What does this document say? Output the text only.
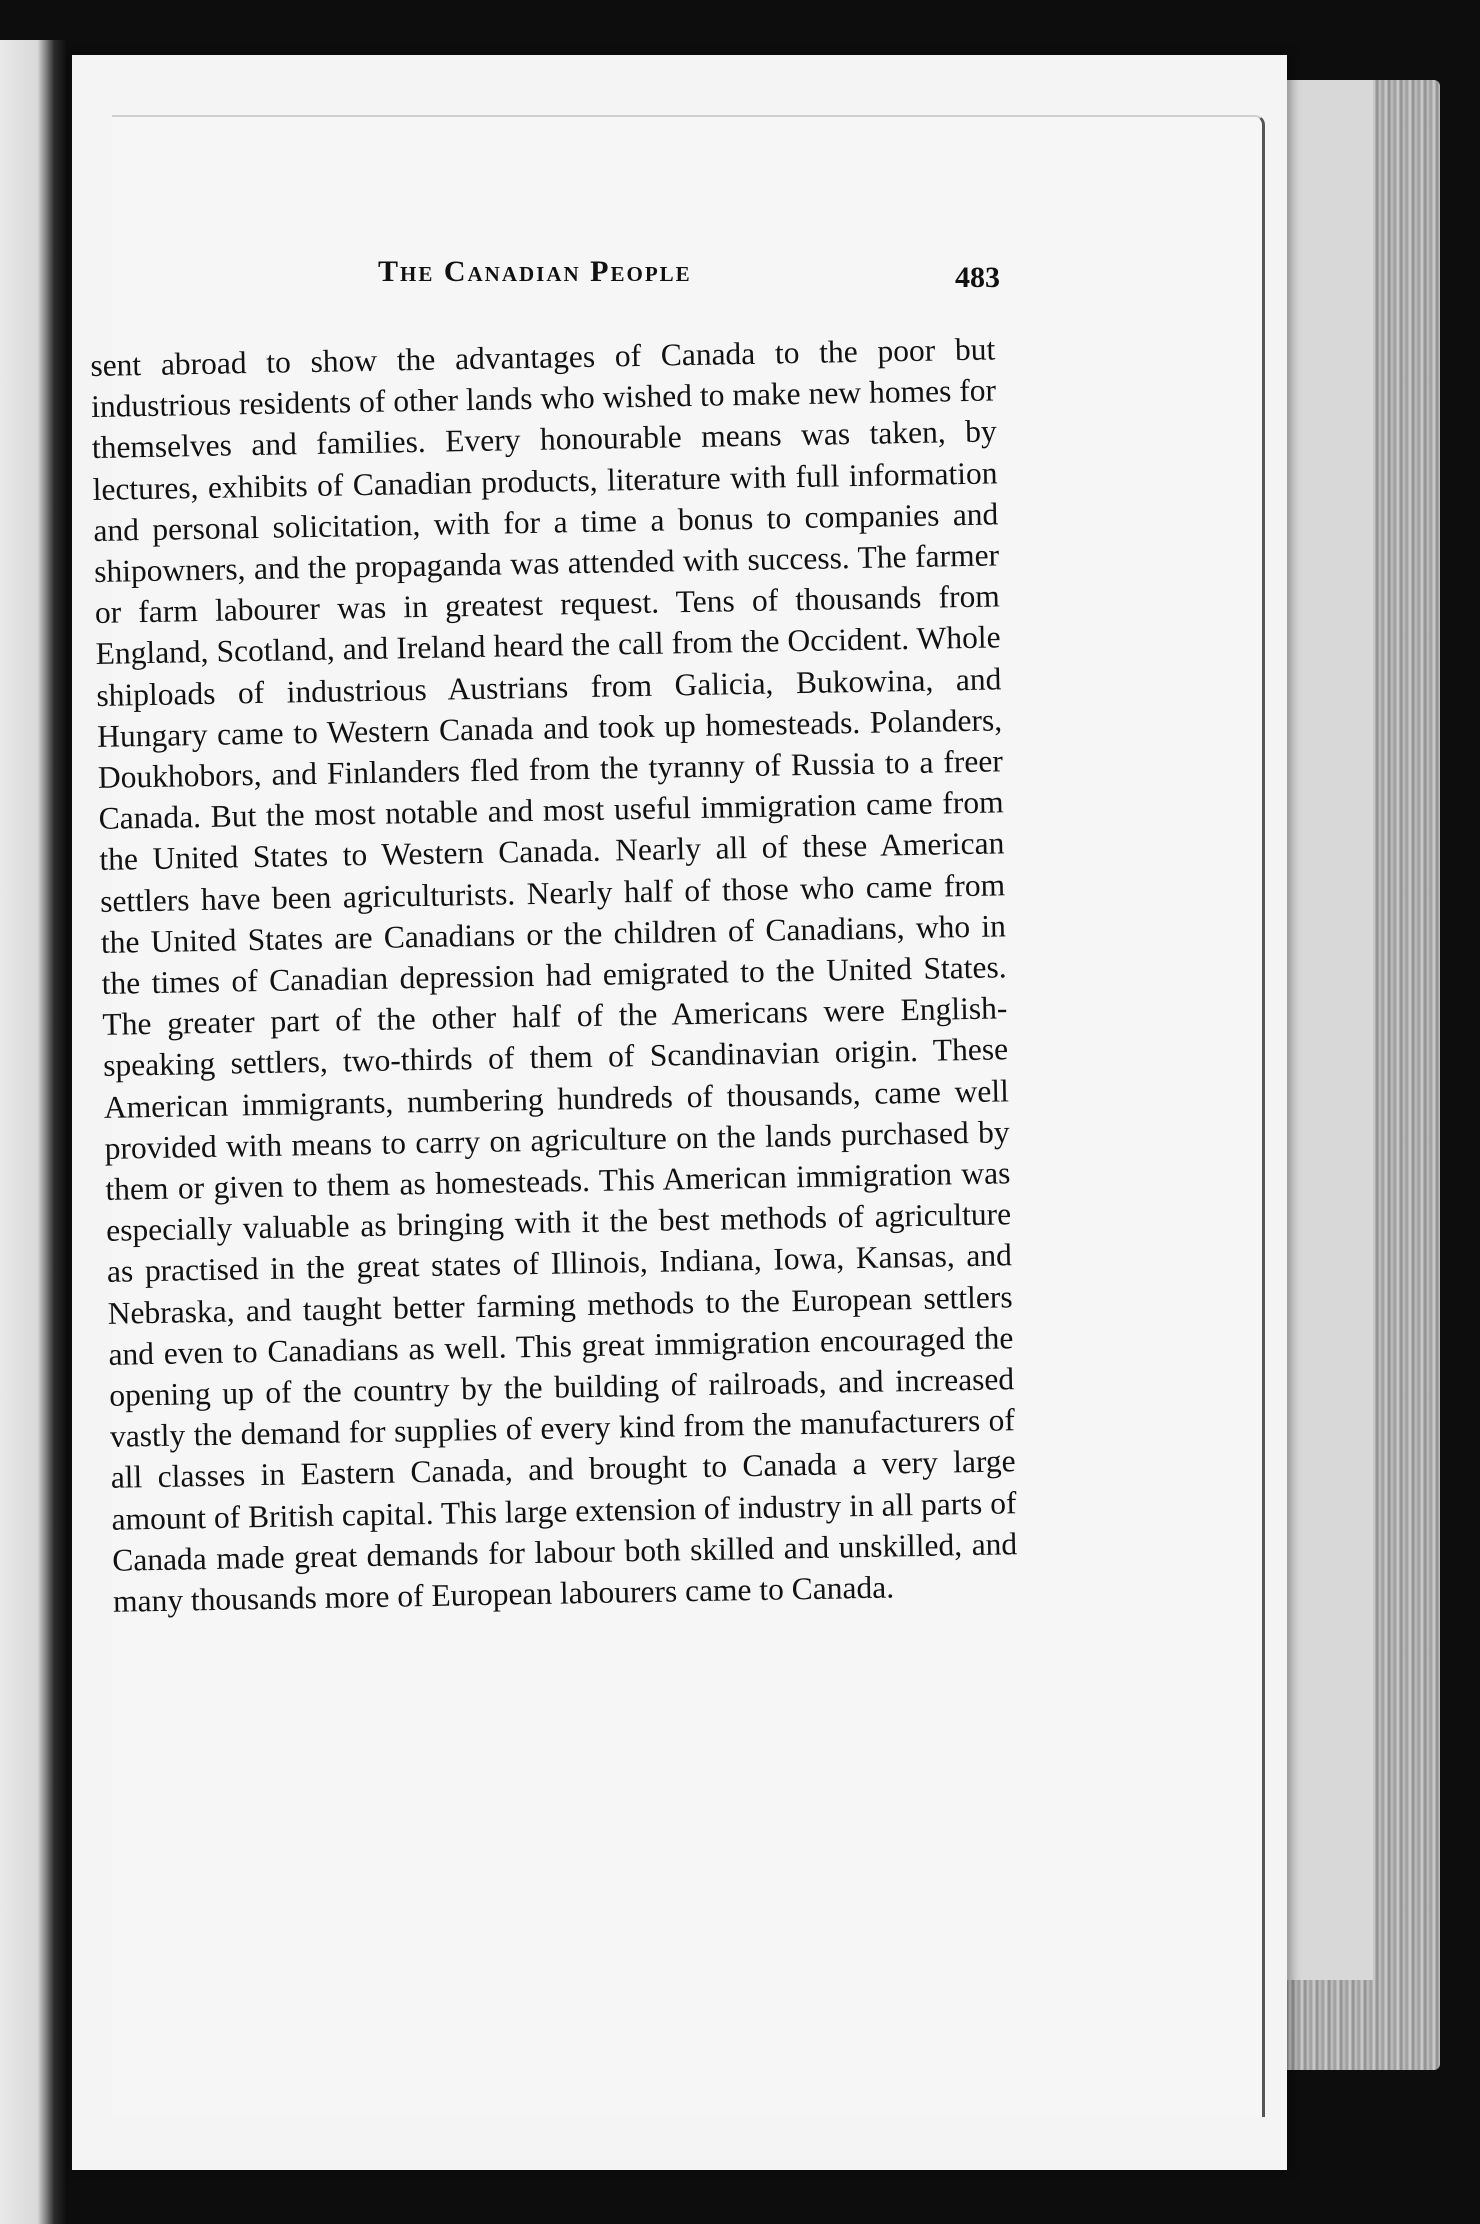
The Canadian People	483

sent abroad to show the advantages of Canada to the poor but industrious residents of other lands who wished to make new homes for themselves and families. Every honourable means was taken, by lectures, exhibits of Canadian products, literature with full information and personal solicitation, with for a time a bonus to companies and shipowners, and the propaganda was attended with success. The farmer or farm labourer was in greatest request. Tens of thousands from England, Scotland, and Ireland heard the call from the Occident. Whole shiploads of industrious Austrians from Galicia, Bukowina, and Hungary came to Western Canada and took up homesteads. Polanders, Doukhobors, and Finlanders fled from the tyranny of Russia to a freer Canada. But the most notable and most useful immigration came from the United States to Western Canada. Nearly all of these American settlers have been agriculturists. Nearly half of those who came from the United States are Canadians or the children of Canadians, who in the times of Canadian depression had emigrated to the United States. The greater part of the other half of the Americans were English-speaking settlers, two-thirds of them of Scandinavian origin. These American immigrants, numbering hundreds of thousands, came well provided with means to carry on agriculture on the lands purchased by them or given to them as homesteads. This American immigration was especially valuable as bringing with it the best methods of agriculture as practised in the great states of Illinois, Indiana, Iowa, Kansas, and Nebraska, and taught better farming methods to the European settlers and even to Canadians as well. This great immigration encouraged the opening up of the country by the building of railroads, and increased vastly the demand for supplies of every kind from the manufacturers of all classes in Eastern Canada, and brought to Canada a very large amount of British capital. This large extension of industry in all parts of Canada made great demands for labour both skilled and unskilled, and many thousands more of European labourers came to Canada.
